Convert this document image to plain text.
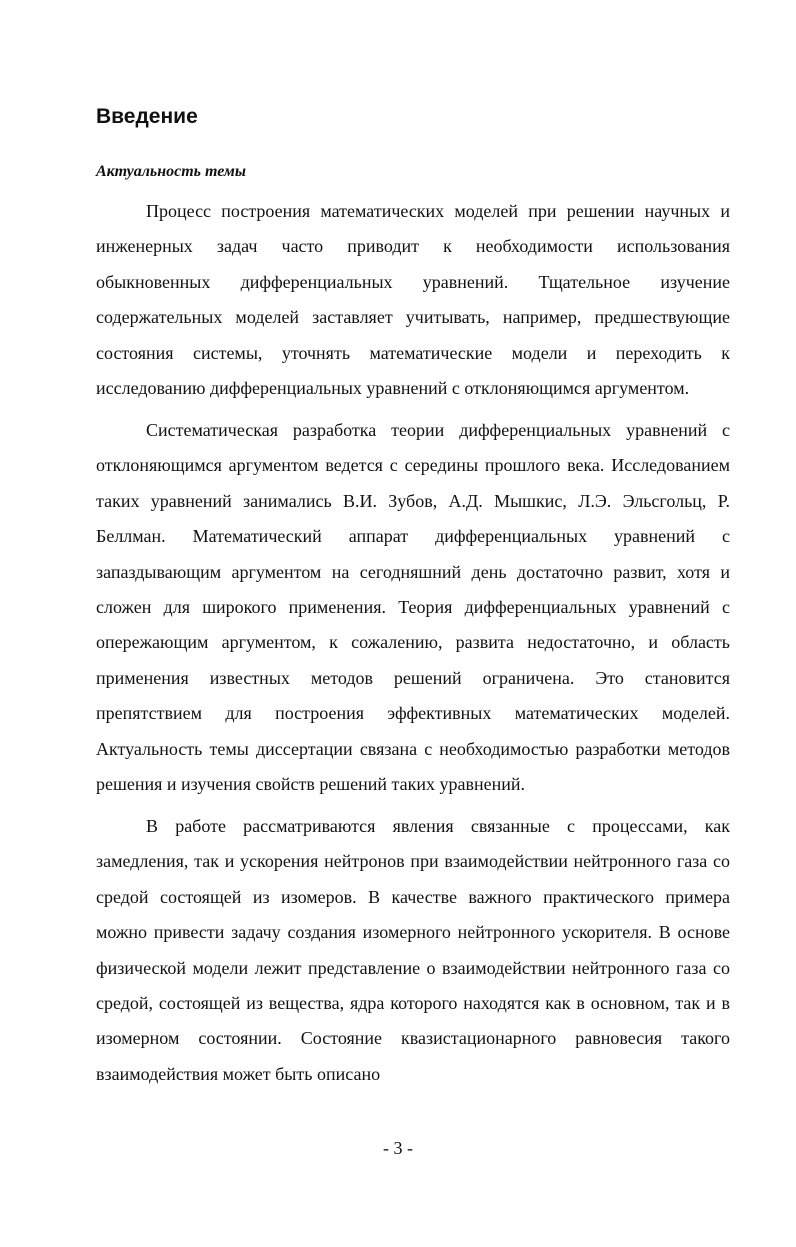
Введение
Актуальность темы

Процесс построения математических моделей при решении научных и инженерных задач часто приводит к необходимости использования обыкновенных дифференциальных уравнений. Тщательное изучение содержательных моделей заставляет учитывать, например, предшествующие состояния системы, уточнять математические модели и переходить к исследованию дифференциальных уравнений с отклоняющимся аргументом.

Систематическая разработка теории дифференциальных уравнений с отклоняющимся аргументом ведется с середины прошлого века. Исследованием таких уравнений занимались В.И. Зубов, А.Д. Мышкис, Л.Э. Эльсгольц, Р. Беллман. Математический аппарат дифференциальных уравнений с запаздывающим аргументом на сегодняшний день достаточно развит, хотя и сложен для широкого применения. Теория дифференциальных уравнений с опережающим аргументом, к сожалению, развита недостаточно, и область применения известных методов решений ограничена. Это становится препятствием для построения эффективных математических моделей. Актуальность темы диссертации связана с необходимостью разработки методов решения и изучения свойств решений таких уравнений.

В работе рассматриваются явления связанные с процессами, как замедления, так и ускорения нейтронов при взаимодействии нейтронного газа со средой состоящей из изомеров. В качестве важного практического примера можно привести задачу создания изомерного нейтронного ускорителя. В основе физической модели лежит представление о взаимодействии нейтронного газа со средой, состоящей из вещества, ядра которого находятся как в основном, так и в изомерном состоянии. Состояние квазистационарного равновесия такого взаимодействия может быть описано

- 3 -
